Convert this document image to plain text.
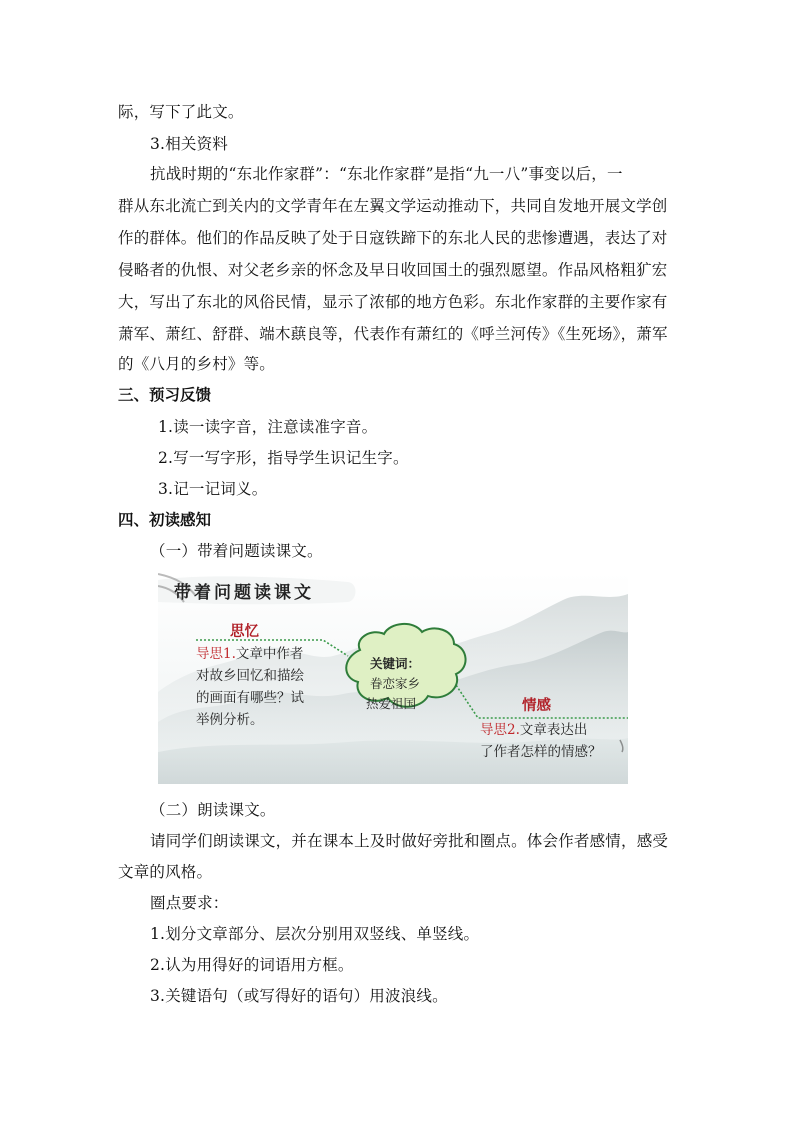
际，写下了此文。
3.相关资料
抗战时期的“东北作家群”：“东北作家群”是指“九一八”事变以后，一
群从东北流亡到关内的文学青年在左翼文学运动推动下，共同自发地开展文学创
作的群体。他们的作品反映了处于日寇铁蹄下的东北人民的悲惨遭遇，表达了对
侵略者的仇恨、对父老乡亲的怀念及早日收回国土的强烈愿望。作品风格粗犷宏
大，写出了东北的风俗民情，显示了浓郁的地方色彩。东北作家群的主要作家有
萧军、萧红、舒群、端木蕻良等，代表作有萧红的《呼兰河传》《生死场》，萧军
的《八月的乡村》等。
三、预习反馈
1.读一读字音，注意读准字音。
2.写一写字形，指导学生识记生字。
3.记一记词义。
四、初读感知
（一）带着问题读课文。
带着问题读课文
思忆
导思1.文章中作者
对故乡回忆和描绘
的画面有哪些？试
举例分析。
关键词：
眷恋家乡
热爱祖国	情感
导思2.文章表达出
了作者怎样的情感？
（二）朗读课文。
请同学们朗读课文，并在课本上及时做好旁批和圈点。体会作者感情，感受
文章的风格。
圈点要求：
1.划分文章部分、层次分别用双竖线、单竖线。
2.认为用得好的词语用方框。
3.关键语句（或写得好的语句）用波浪线。
